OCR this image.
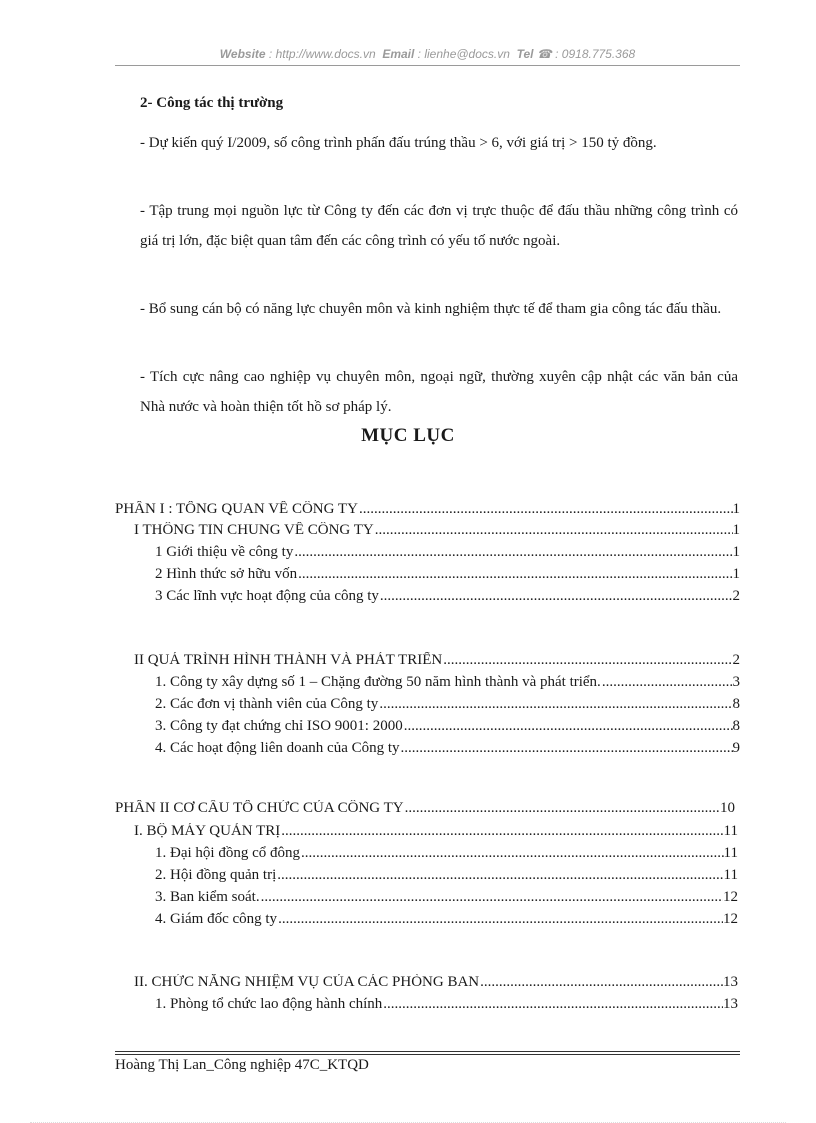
Website : http://www.docs.vn Email : lienhe@docs.vn Tel ☎ : 0918.775.368
2- Công tác thị trường
- Dự kiến quý I/2009, số công trình phấn đấu trúng thầu > 6, với giá trị > 150 tỷ đồng.
- Tập trung mọi nguồn lực từ Công ty đến các đơn vị trực thuộc để đấu thầu những công trình có giá trị lớn, đặc biệt quan tâm đến các công trình có yếu tố nước ngoài.
- Bổ sung cán bộ có năng lực chuyên môn và kinh nghiệm thực tế để tham gia công tác đấu thầu.
- Tích cực nâng cao nghiệp vụ chuyên môn, ngoại ngữ, thường xuyên cập nhật các văn bản của Nhà nước và hoàn thiện tốt hồ sơ pháp lý.
MỤC LỤC
PHẦN I : TỔNG QUAN VỀ CÔNG TY .....	1
I THÔNG TIN CHUNG VỀ CÔNG TY .....	1
1 Giới thiệu về công ty .....	1
2 Hình thức sở hữu vốn .....	1
3 Các lĩnh vực hoạt động của công ty .....	2
II QUÁ TRÌNH HÌNH THÀNH VÀ PHÁT TRIỂN .....	2
1. Công ty xây dựng số 1 – Chặng đường 50 năm hình thành và phát triển. .....	3
2. Các đơn vị thành viên của Công ty .....	8
3. Công ty đạt chứng chỉ ISO 9001: 2000 .....	8
4. Các hoạt động liên doanh của Công ty .....	9
PHẦN II CƠ CẤU TỔ CHỨC CỦA CÔNG TY .....	10
I. BỘ MÁY QUẢN TRỊ .....	11
1. Đại hội đồng cổ đông .....	11
2. Hội đồng quản trị .....	11
3. Ban kiểm soát. .....	12
4. Giám đốc công ty .....	12
II. CHỨC NĂNG NHIỆM VỤ CỦA CÁC PHÒNG BAN .....	13
1. Phòng tổ chức lao động hành chính .....	13
Hoàng Thị Lan_Công nghiệp 47C_KTQD
